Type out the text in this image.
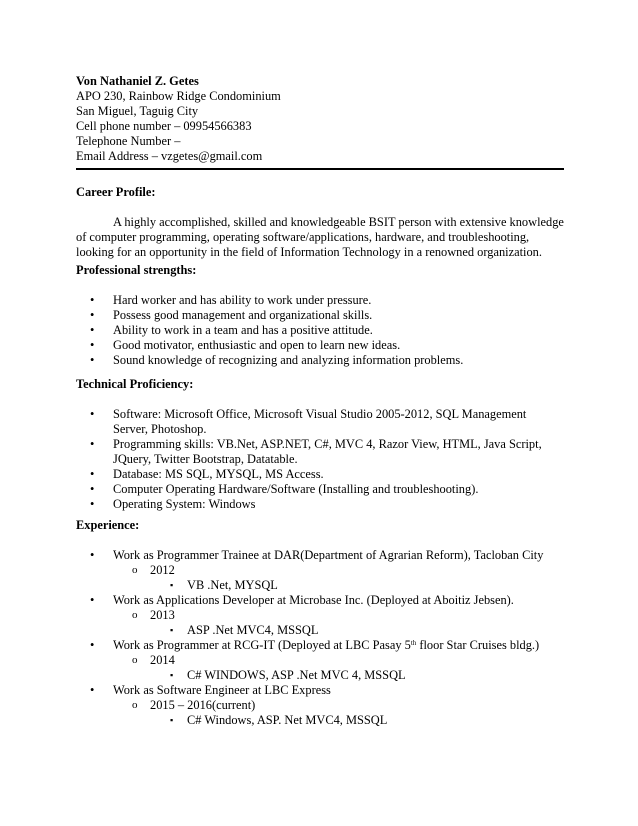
Von Nathaniel Z. Getes
APO 230, Rainbow Ridge Condominium
San Miguel, Taguig City
Cell phone number – 09954566383
Telephone Number –
Email Address – vzgetes@gmail.com
Career Profile:

A highly accomplished, skilled and knowledgeable BSIT person with extensive knowledge of computer programming, operating software/applications, hardware, and troubleshooting, looking for an opportunity in the field of Information Technology in a renowned organization.

Professional strengths:
• Hard worker and has ability to work under pressure.
• Possess good management and organizational skills.
• Ability to work in a team and has a positive attitude.
• Good motivator, enthusiastic and open to learn new ideas.
• Sound knowledge of recognizing and analyzing information problems.
Technical Proficiency:
• Software: Microsoft Office, Microsoft Visual Studio 2005-2012, SQL Management Server, Photoshop.
• Programming skills: VB.Net, ASP.NET, C#, MVC 4, Razor View, HTML, Java Script, JQuery, Twitter Bootstrap, Datatable.
• Database: MS SQL, MYSQL, MS Access.
• Computer Operating Hardware/Software (Installing and troubleshooting).
• Operating System: Windows
Experience:
• Work as Programmer Trainee at DAR(Department of Agrarian Reform), Tacloban City
o 2012
▪ VB .Net, MYSQL
• Work as Applications Developer at Microbase Inc. (Deployed at Aboitiz Jebsen).
o 2013
▪ ASP .Net MVC4, MSSQL
• Work as Programmer at RCG-IT (Deployed at LBC Pasay 5th floor Star Cruises bldg.)
o 2014
▪ C# WINDOWS, ASP .Net MVC 4, MSSQL
• Work as Software Engineer at LBC Express
o 2015 – 2016(current)
▪ C# Windows, ASP. Net MVC4, MSSQL
